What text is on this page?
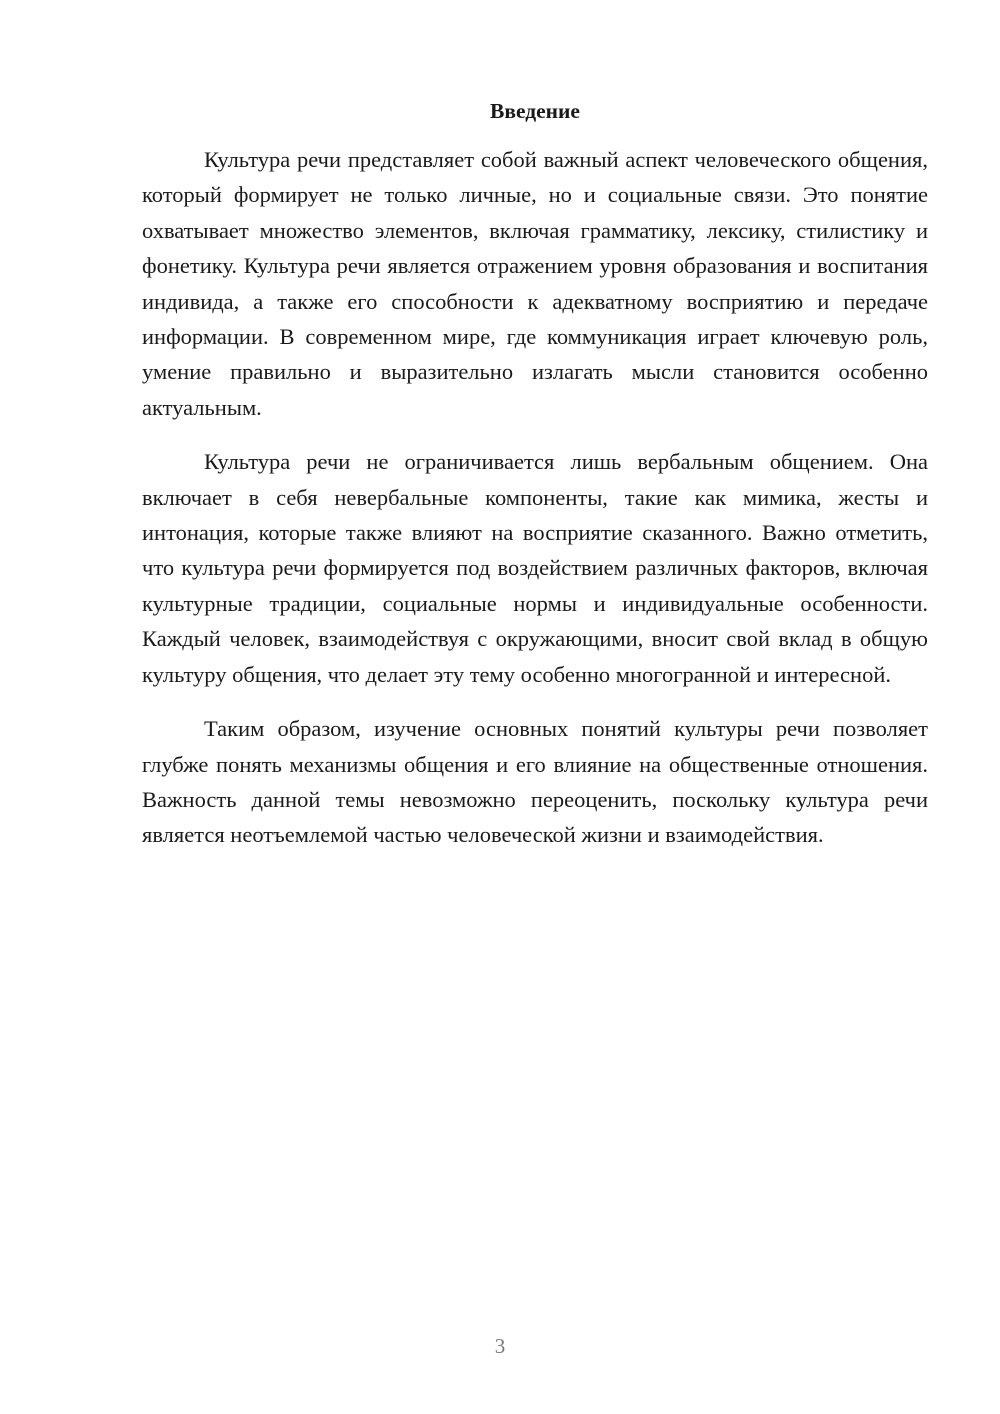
Введение

Культура речи представляет собой важный аспект человеческого общения, который формирует не только личные, но и социальные связи. Это понятие охватывает множество элементов, включая грамматику, лексику, стилистику и фонетику. Культура речи является отражением уровня образования и воспитания индивида, а также его способности к адекватному восприятию и передаче информации. В современном мире, где коммуникация играет ключевую роль, умение правильно и выразительно излагать мысли становится особенно актуальным.

Культура речи не ограничивается лишь вербальным общением. Она включает в себя невербальные компоненты, такие как мимика, жесты и интонация, которые также влияют на восприятие сказанного. Важно отметить, что культура речи формируется под воздействием различных факторов, включая культурные традиции, социальные нормы и индивидуальные особенности. Каждый человек, взаимодействуя с окружающими, вносит свой вклад в общую культуру общения, что делает эту тему особенно многогранной и интересной.

Таким образом, изучение основных понятий культуры речи позволяет глубже понять механизмы общения и его влияние на общественные отношения. Важность данной темы невозможно переоценить, поскольку культура речи является неотъемлемой частью человеческой жизни и взаимодействия.

3
